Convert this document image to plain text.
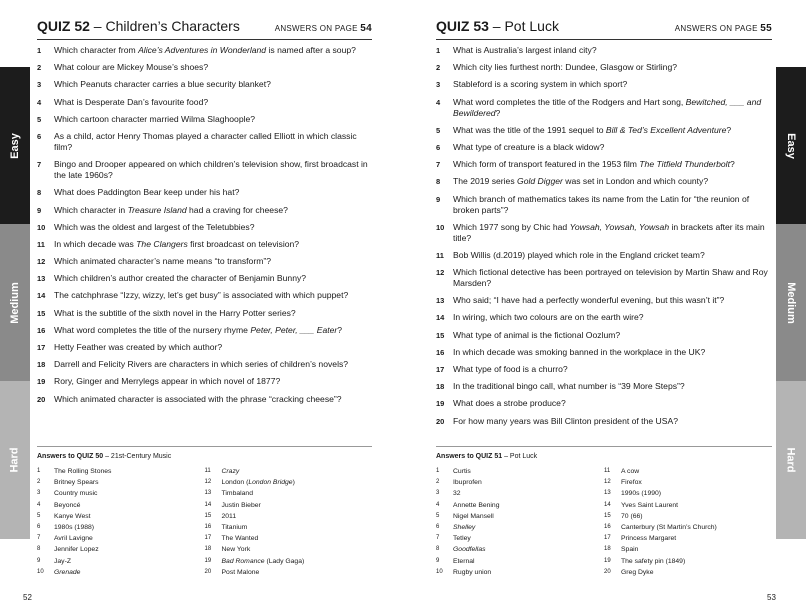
Easy
Medium
Hard
QUIZ 52 – Children’s Characters	ANSWERS ON PAGE 54
1 Which character from Alice’s Adventures in Wonderland is named after a soup?
2 What colour are Mickey Mouse’s shoes?
3 Which Peanuts character carries a blue security blanket?
4 What is Desperate Dan’s favourite food?
5 Which cartoon character married Wilma Slaghoople?
6 As a child, actor Henry Thomas played a character called Elliott in which classic film?
7 Bingo and Drooper appeared on which children’s television show, first broadcast in the late 1960s?
8 What does Paddington Bear keep under his hat?
9 Which character in Treasure Island had a craving for cheese?
10 Which was the oldest and largest of the Teletubbies?
11 In which decade was The Clangers first broadcast on television?
12 Which animated character’s name means “to transform”?
13 Which children’s author created the character of Benjamin Bunny?
14 The catchphrase “Izzy, wizzy, let’s get busy” is associated with which puppet?
15 What is the subtitle of the sixth novel in the Harry Potter series?
16 What word completes the title of the nursery rhyme Peter, Peter, ___ Eater?
17 Hetty Feather was created by which author?
18 Darrell and Felicity Rivers are characters in which series of children’s novels?
19 Rory, Ginger and Merrylegs appear in which novel of 1877?
20 Which animated character is associated with the phrase “cracking cheese”?
Answers to QUIZ 50 – 21st-Century Music
1 The Rolling Stones
2 Britney Spears
3 Country music
4 Beyoncé
5 Kanye West
6 1980s (1988)
7 Avril Lavigne
8 Jennifer Lopez
9 Jay-Z
10 Grenade
11 Crazy
12 London (London Bridge)
13 Timbaland
14 Justin Bieber
15 2011
16 Titanium
17 The Wanted
18 New York
19 Bad Romance (Lady Gaga)
20 Post Malone
52
Easy
Medium
Hard
QUIZ 53 – Pot Luck	ANSWERS ON PAGE 55
1 What is Australia’s largest inland city?
2 Which city lies furthest north: Dundee, Glasgow or Stirling?
3 Stableford is a scoring system in which sport?
4 What word completes the title of the Rodgers and Hart song, Bewitched, ___ and Bewildered?
5 What was the title of the 1991 sequel to Bill & Ted’s Excellent Adventure?
6 What type of creature is a black widow?
7 Which form of transport featured in the 1953 film The Titfield Thunderbolt?
8 The 2019 series Gold Digger was set in London and which county?
9 Which branch of mathematics takes its name from the Latin for “the reunion of broken parts”?
10 Which 1977 song by Chic had Yowsah, Yowsah, Yowsah in brackets after its main title?
11 Bob Willis (d.2019) played which role in the England cricket team?
12 Which fictional detective has been portrayed on television by Martin Shaw and Roy Marsden?
13 Who said; “I have had a perfectly wonderful evening, but this wasn’t it”?
14 In wiring, which two colours are on the earth wire?
15 What type of animal is the fictional Oozlum?
16 In which decade was smoking banned in the workplace in the UK?
17 What type of food is a churro?
18 In the traditional bingo call, what number is “39 More Steps”?
19 What does a strobe produce?
20 For how many years was Bill Clinton president of the USA?
Answers to QUIZ 51 – Pot Luck
1 Curtis
2 Ibuprofen
3 32
4 Annette Bening
5 Nigel Mansell
6 Shelley
7 Tetley
8 Goodfellas
9 Eternal
10 Rugby union
11 A cow
12 Firefox
13 1990s (1990)
14 Yves Saint Laurent
15 70 (66)
16 Canterbury (St Martin’s Church)
17 Princess Margaret
18 Spain
19 The safety pin (1849)
20 Greg Dyke
53
